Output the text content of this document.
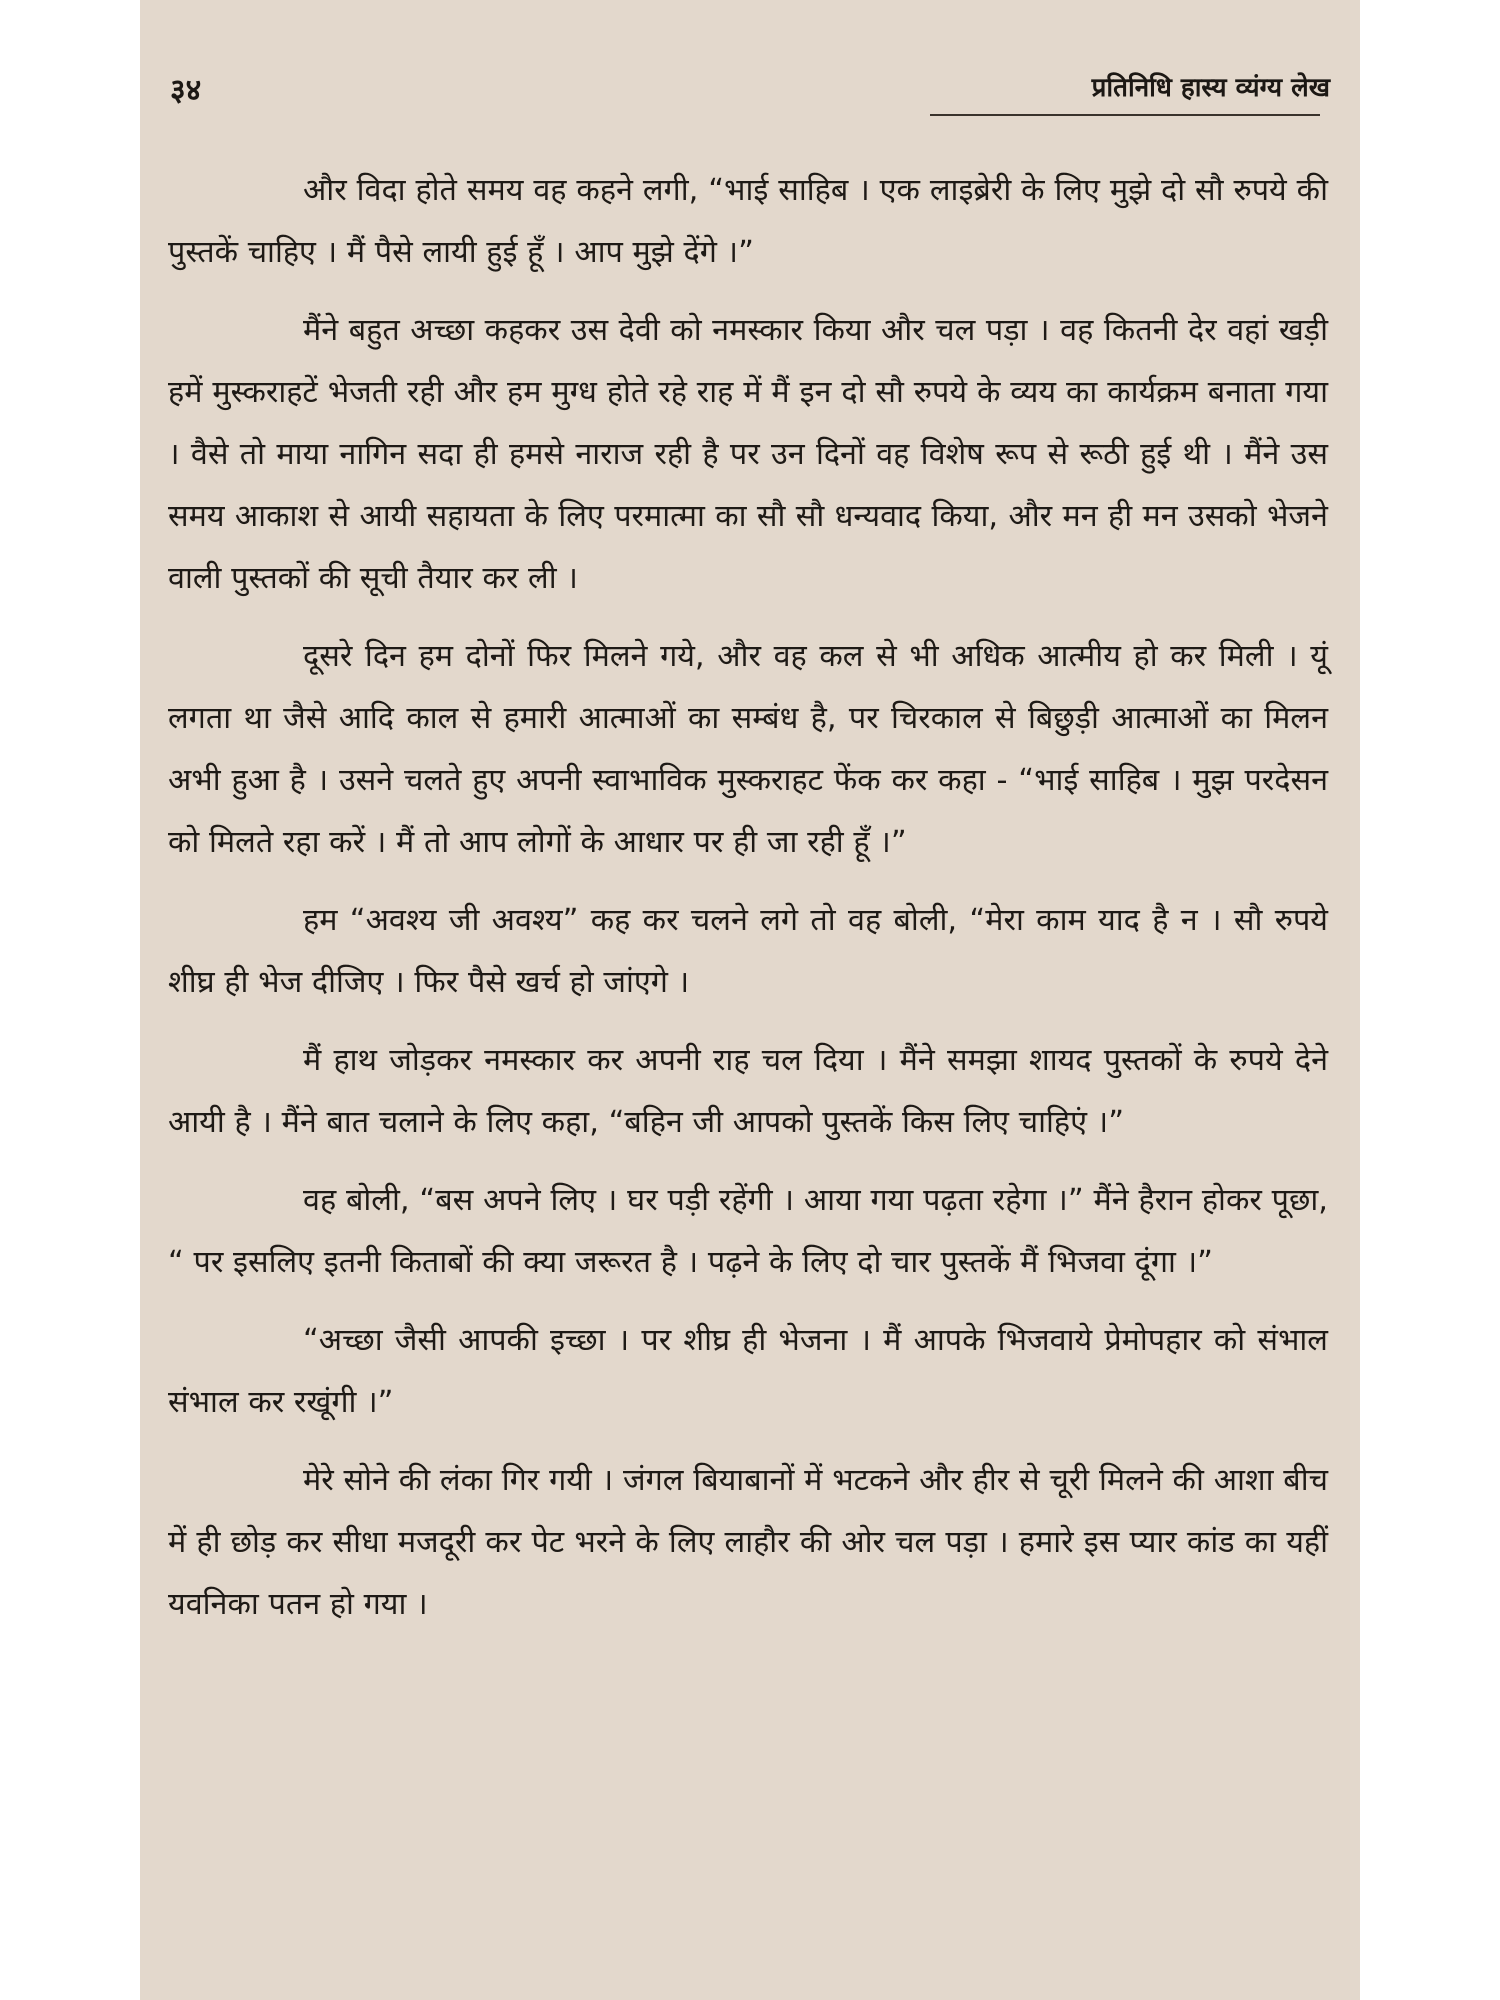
३४	प्रतिनिधि हास्य व्यंग्य लेख

और विदा होते समय वह कहने लगी, “भाई साहिब । एक लाइब्रेरी के लिए मुझे दो सौ रुपये की पुस्तकें चाहिए । मैं पैसे लायी हुई हूँ । आप मुझे देंगे ।”

मैंने बहुत अच्छा कहकर उस देवी को नमस्कार किया और चल पड़ा । वह कितनी देर वहां खड़ी हमें मुस्कराहटें भेजती रही और हम मुग्ध होते रहे राह में मैं इन दो सौ रुपये के व्यय का कार्यक्रम बनाता गया । वैसे तो माया नागिन सदा ही हमसे नाराज रही है पर उन दिनों वह विशेष रूप से रूठी हुई थी । मैंने उस समय आकाश से आयी सहायता के लिए परमात्मा का सौ सौ धन्यवाद किया, और मन ही मन उसको भेजने वाली पुस्तकों की सूची तैयार कर ली ।

दूसरे दिन हम दोनों फिर मिलने गये, और वह कल से भी अधिक आत्मीय हो कर मिली । यूं लगता था जैसे आदि काल से हमारी आत्माओं का सम्बंध है, पर चिरकाल से बिछुड़ी आत्माओं का मिलन अभी हुआ है । उसने चलते हुए अपनी स्वाभाविक मुस्कराहट फेंक कर कहा - “भाई साहिब । मुझ परदेसन को मिलते रहा करें । मैं तो आप लोगों के आधार पर ही जा रही हूँ ।”

हम “अवश्य जी अवश्य” कह कर चलने लगे तो वह बोली, “मेरा काम याद है न । सौ रुपये शीघ्र ही भेज दीजिए । फिर पैसे खर्च हो जांएगे ।

मैं हाथ जोड़कर नमस्कार कर अपनी राह चल दिया । मैंने समझा शायद पुस्तकों के रुपये देने आयी है । मैंने बात चलाने के लिए कहा, “बहिन जी आपको पुस्तकें किस लिए चाहिएं ।”

वह बोली, “बस अपने लिए । घर पड़ी रहेंगी । आया गया पढ़ता रहेगा ।” मैंने हैरान होकर पूछा, “ पर इसलिए इतनी किताबों की क्या जरूरत है । पढ़ने के लिए दो चार पुस्तकें मैं भिजवा दूंगा ।”

“अच्छा जैसी आपकी इच्छा । पर शीघ्र ही भेजना । मैं आपके भिजवाये प्रेमोपहार को संभाल संभाल कर रखूंगी ।”

मेरे सोने की लंका गिर गयी । जंगल बियाबानों में भटकने और हीर से चूरी मिलने की आशा बीच में ही छोड़ कर सीधा मजदूरी कर पेट भरने के लिए लाहौर की ओर चल पड़ा । हमारे इस प्यार कांड का यहीं यवनिका पतन हो गया ।
